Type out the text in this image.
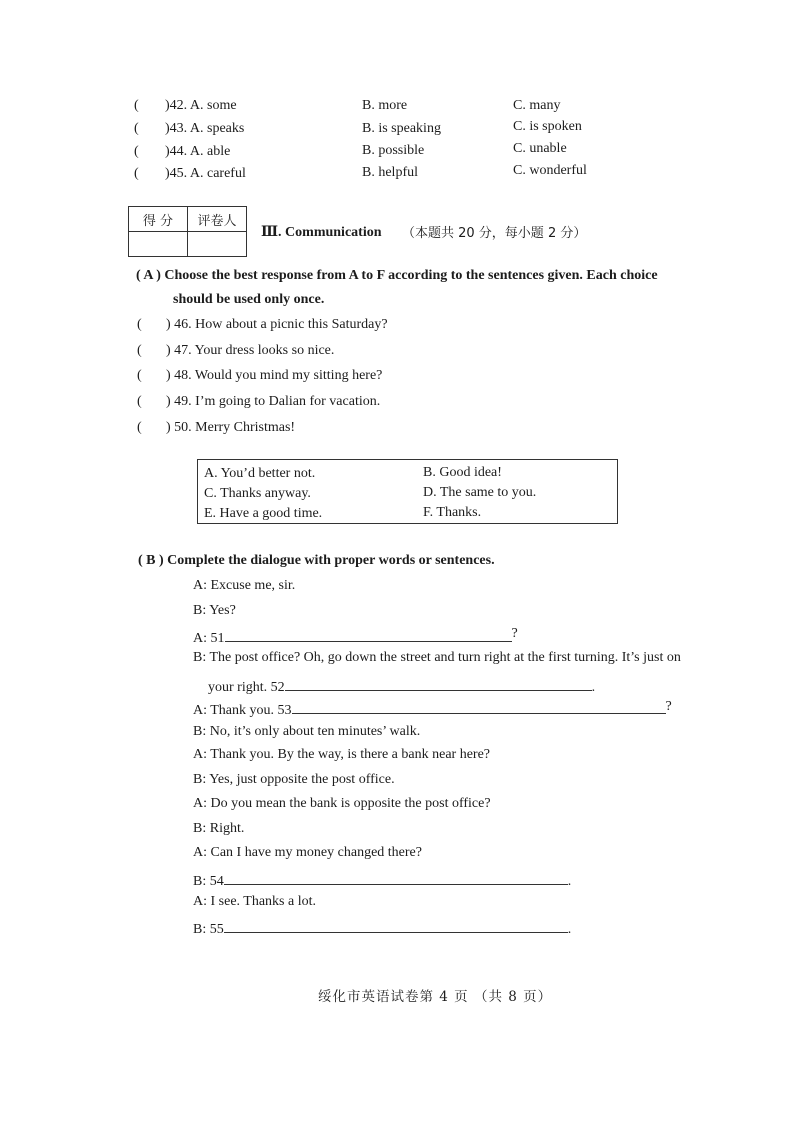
( )42. A. some	B. more	C. many
( )43. A. speaks	B. is speaking	C. is spoken
( )44. A. able	B. possible	C. unable
( )45. A. careful	B. helpful	C. wonderful
得 分	评卷人

Ⅲ. Communication （本题共 20 分，每小题 2 分）
( A ) Choose the best response from A to F according to the sentences given. Each choice
should be used only once.
( ) 46. How about a picnic this Saturday?
( ) 47. Your dress looks so nice.
( ) 48. Would you mind my sitting here?
( ) 49. I’m going to Dalian for vacation.
( ) 50. Merry Christmas!
A. You’d better not.	B. Good idea!
C. Thanks anyway.	D. The same to you.
E. Have a good time.	F. Thanks.
( B ) Complete the dialogue with proper words or sentences.
A: Excuse me, sir.
B: Yes?
A: 51	?
B: The post office? Oh, go down the street and turn right at the first turning. It’s just on
your right. 52	.
A: Thank you. 53	?
B: No, it’s only about ten minutes’ walk.
A: Thank you. By the way, is there a bank near here?
B: Yes, just opposite the post office.
A: Do you mean the bank is opposite the post office?
B: Right.
A: Can I have my money changed there?
B: 54	.
A: I see. Thanks a lot.
B: 55	.
绥化市英语试卷第 4 页 （共 8 页）
